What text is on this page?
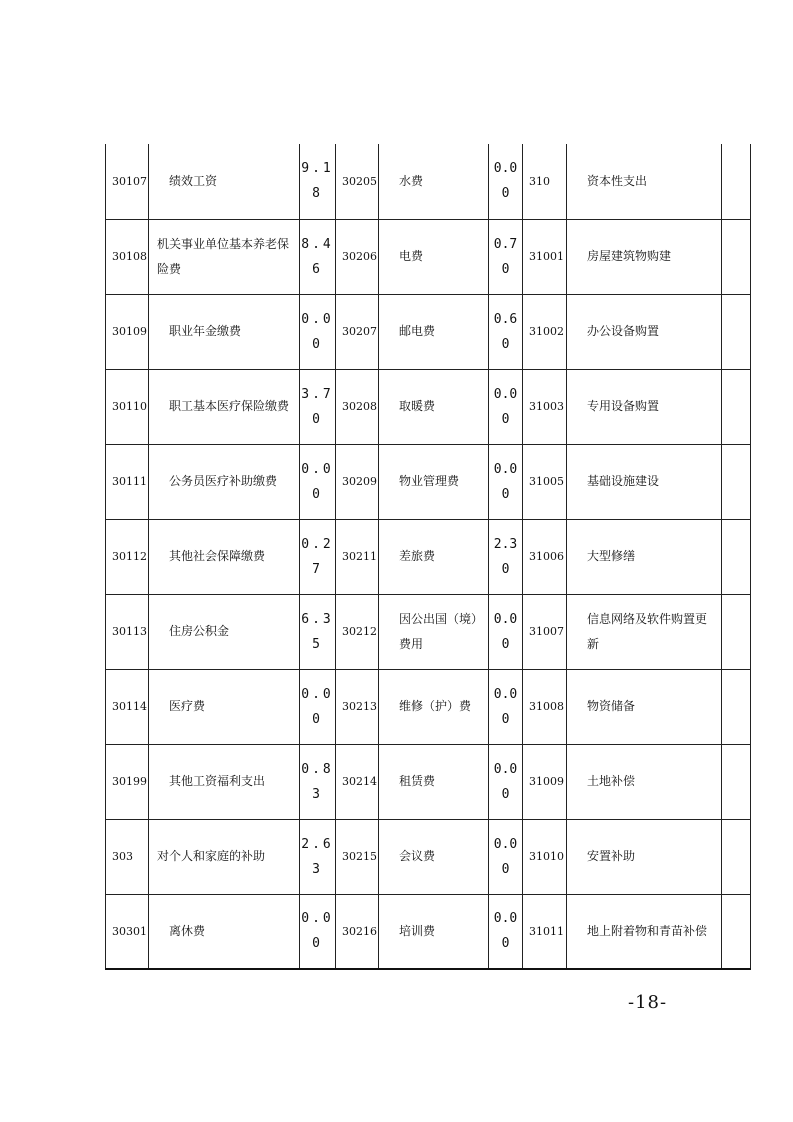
30107	绩效工资	9.18	30205	水费	0.00	310	资本性支出	
30108	机关事业单位基本养老保险费	8.46	30206	电费	0.70	31001	房屋建筑物购建	
30109	职业年金缴费	0.00	30207	邮电费	0.60	31002	办公设备购置	
30110	职工基本医疗保险缴费	3.70	30208	取暖费	0.00	31003	专用设备购置	
30111	公务员医疗补助缴费	0.00	30209	物业管理费	0.00	31005	基础设施建设	
30112	其他社会保障缴费	0.27	30211	差旅费	2.30	31006	大型修缮	
30113	住房公积金	6.35	30212	因公出国（境）费用	0.00	31007	信息网络及软件购置更新	
30114	医疗费	0.00	30213	维修（护）费	0.00	31008	物资储备	
30199	其他工资福利支出	0.83	30214	租赁费	0.00	31009	土地补偿	
303	对个人和家庭的补助	2.63	30215	会议费	0.00	31010	安置补助	
30301	离休费	0.00	30216	培训费	0.00	31011	地上附着物和青苗补偿	
-18-
